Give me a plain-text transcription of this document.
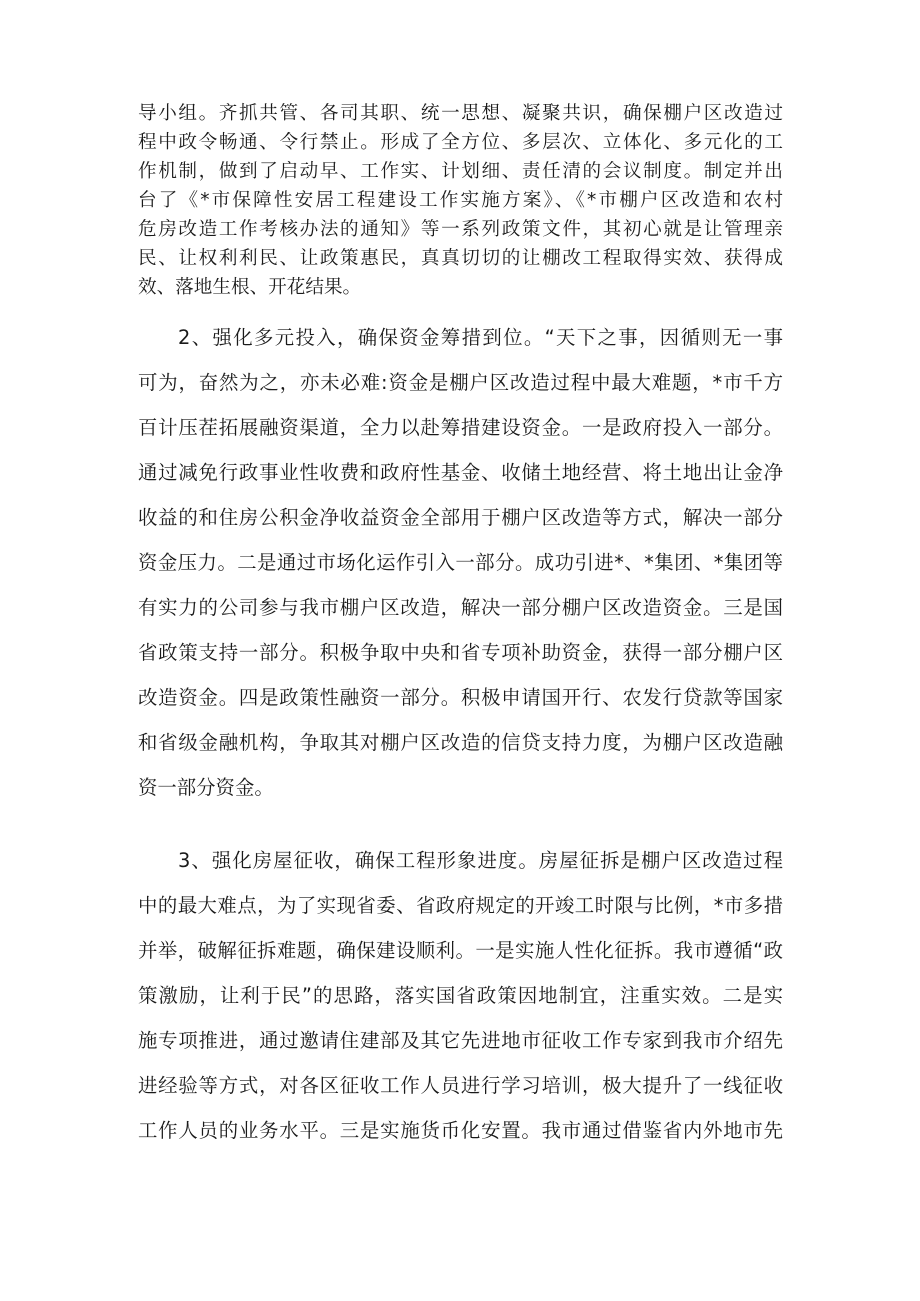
导小组。齐抓共管、各司其职、统一思想、凝聚共识，确保棚户区改造过
程中政令畅通、令行禁止。形成了全方位、多层次、立体化、多元化的工
作机制，做到了启动早、工作实、计划细、责任清的会议制度。制定并出
台了《*市保障性安居工程建设工作实施方案》、《*市棚户区改造和农村
危房改造工作考核办法的通知》等一系列政策文件，其初心就是让管理亲
民、让权利利民、让政策惠民，真真切切的让棚改工程取得实效、获得成
效、落地生根、开花结果。
2、强化多元投入，确保资金筹措到位。“天下之事，因循则无一事
可为，奋然为之，亦未必难:资金是棚户区改造过程中最大难题，*市千方
百计压茬拓展融资渠道，全力以赴筹措建设资金。一是政府投入一部分。
通过减免行政事业性收费和政府性基金、收储土地经营、将土地出让金净
收益的和住房公积金净收益资金全部用于棚户区改造等方式，解决一部分
资金压力。二是通过市场化运作引入一部分。成功引进*、*集团、*集团等
有实力的公司参与我市棚户区改造，解决一部分棚户区改造资金。三是国
省政策支持一部分。积极争取中央和省专项补助资金，获得一部分棚户区
改造资金。四是政策性融资一部分。积极申请国开行、农发行贷款等国家
和省级金融机构，争取其对棚户区改造的信贷支持力度，为棚户区改造融
资一部分资金。
3、强化房屋征收，确保工程形象进度。房屋征拆是棚户区改造过程
中的最大难点，为了实现省委、省政府规定的开竣工时限与比例，*市多措
并举，破解征拆难题，确保建设顺利。一是实施人性化征拆。我市遵循“政
策激励，让利于民”的思路，落实国省政策因地制宜，注重实效。二是实
施专项推进，通过邀请住建部及其它先进地市征收工作专家到我市介绍先
进经验等方式，对各区征收工作人员进行学习培训，极大提升了一线征收
工作人员的业务水平。三是实施货币化安置。我市通过借鉴省内外地市先
